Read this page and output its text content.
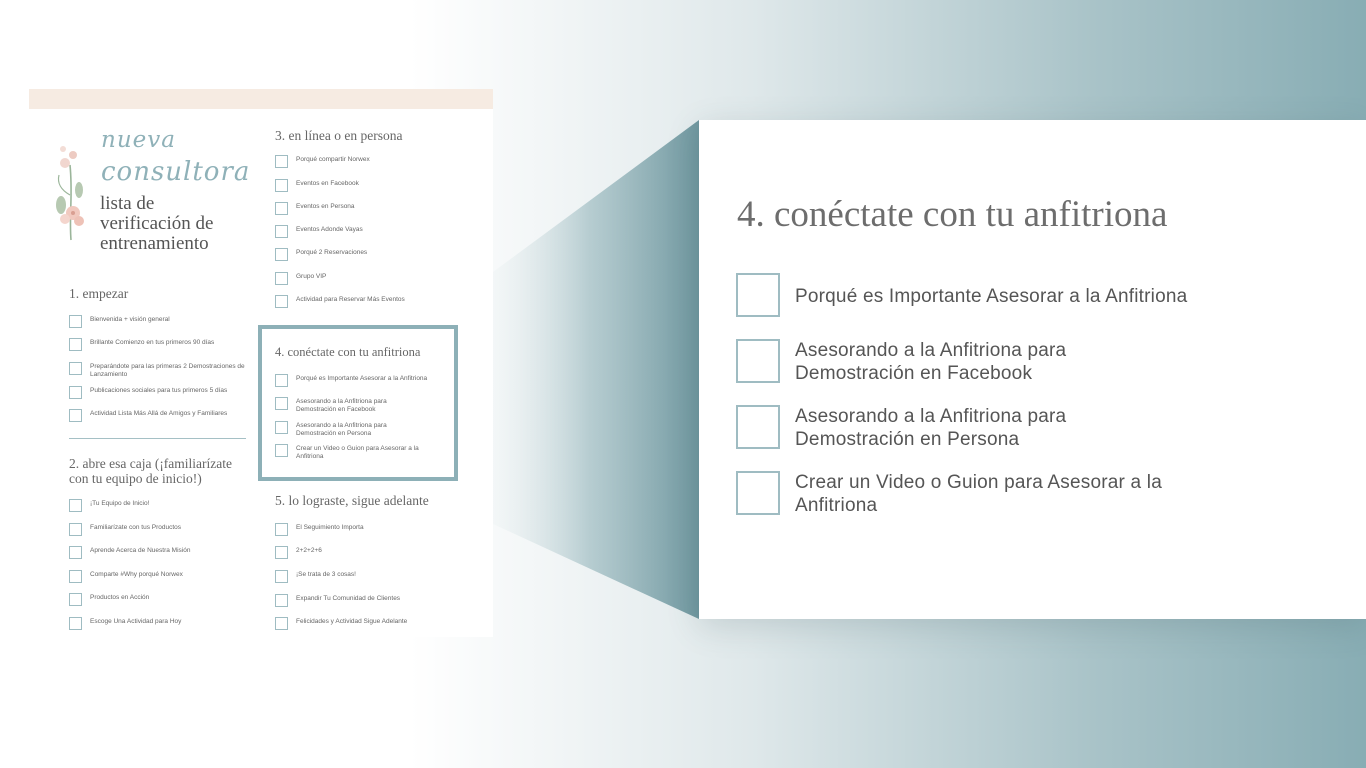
nueva
consultora
lista de
verificación de
entrenamiento
1. empezar
Bienvenida + visión general
Brillante Comienzo en tus primeros 90 días
Preparándote para las primeras 2 Demostraciones de Lanzamiento
Publicaciones sociales para tus primeros 5 días
Actividad Lista Más Allá de Amigos y Familiares
2. abre esa caja (¡familiarízate
con tu equipo de inicio!)
¡Tu Equipo de Inicio!
Familiarízate con tus Productos
Aprende Acerca de Nuestra Misión
Comparte #Why porqué Norwex
Productos en Acción
Escoge Una Actividad para Hoy
3. en línea o en persona
Porqué compartir Norwex
Eventos en Facebook
Eventos en Persona
Eventos Adonde Vayas
Porqué 2 Reservaciones
Grupo VIP
Actividad para Reservar Más Eventos
4. conéctate con tu anfitriona
Porqué es Importante Asesorar a la Anfitriona
Asesorando a la Anfitriona para Demostración en Facebook
Asesorando a la Anfitriona para Demostración en Persona
Crear un Video o Guion para Asesorar a la Anfitriona
5. lo lograste, sigue adelante
El Seguimiento Importa
2+2+2+6
¡Se trata de 3 cosas!
Expandir Tu Comunidad de Clientes
Felicidades y Actividad Sigue Adelante
4. conéctate con tu anfitriona
Porqué es Importante Asesorar a la Anfitriona
Asesorando a la Anfitriona para Demostración en Facebook
Asesorando a la Anfitriona para Demostración en Persona
Crear un Video o Guion para Asesorar a la Anfitriona
